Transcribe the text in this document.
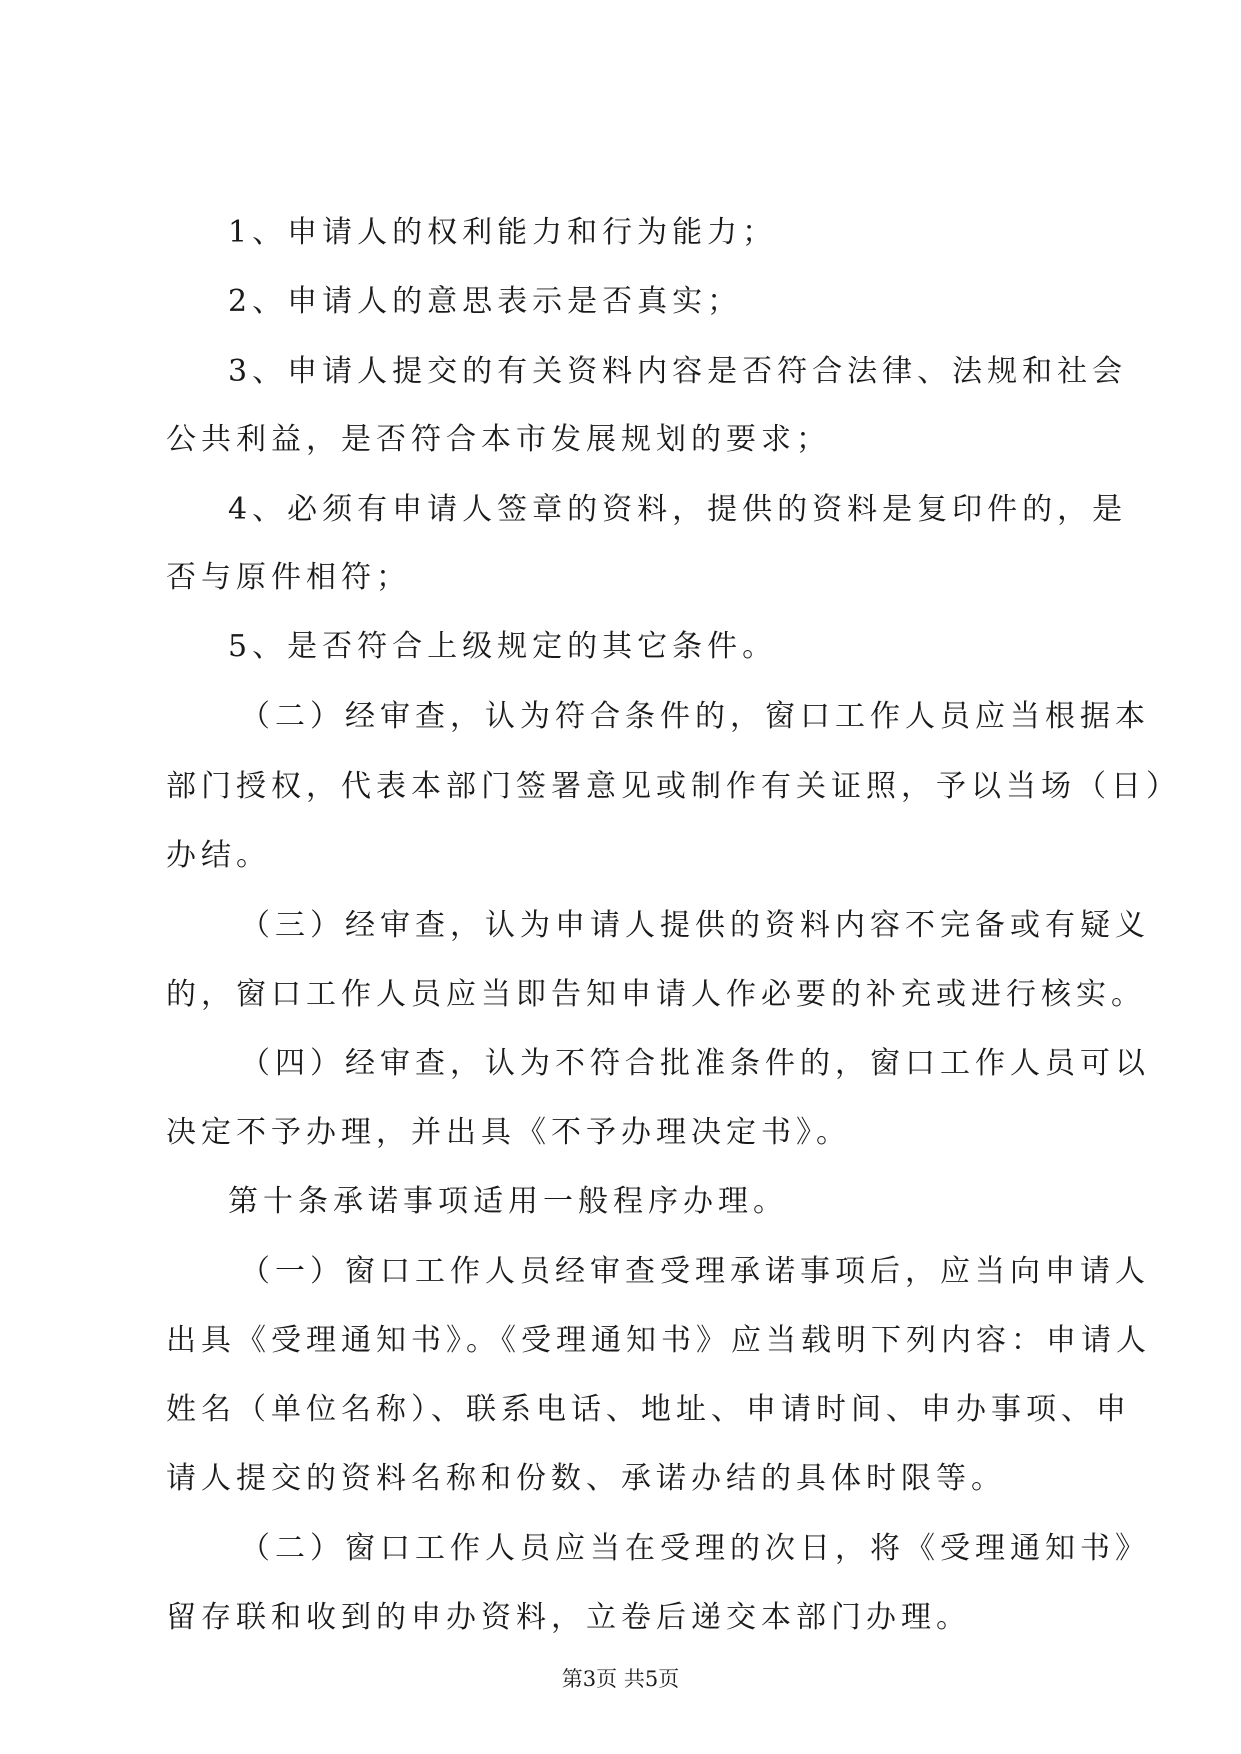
1、申请人的权利能力和行为能力；
2、申请人的意思表示是否真实；
3、申请人提交的有关资料内容是否符合法律、法规和社会
公共利益，是否符合本市发展规划的要求；
4、必须有申请人签章的资料，提供的资料是复印件的，是
否与原件相符；
5、是否符合上级规定的其它条件。
（二）经审查，认为符合条件的，窗口工作人员应当根据本
部门授权，代表本部门签署意见或制作有关证照，予以当场（日）
办结。
（三）经审查，认为申请人提供的资料内容不完备或有疑义
的，窗口工作人员应当即告知申请人作必要的补充或进行核实。
（四）经审查，认为不符合批准条件的，窗口工作人员可以
决定不予办理，并出具《不予办理决定书》。
第十条承诺事项适用一般程序办理。
（一）窗口工作人员经审查受理承诺事项后，应当向申请人
出具《受理通知书》。《受理通知书》应当载明下列内容：申请人
姓名（单位名称）、联系电话、地址、申请时间、申办事项、申
请人提交的资料名称和份数、承诺办结的具体时限等。
（二）窗口工作人员应当在受理的次日，将《受理通知书》
留存联和收到的申办资料，立卷后递交本部门办理。
第3页 共5页
